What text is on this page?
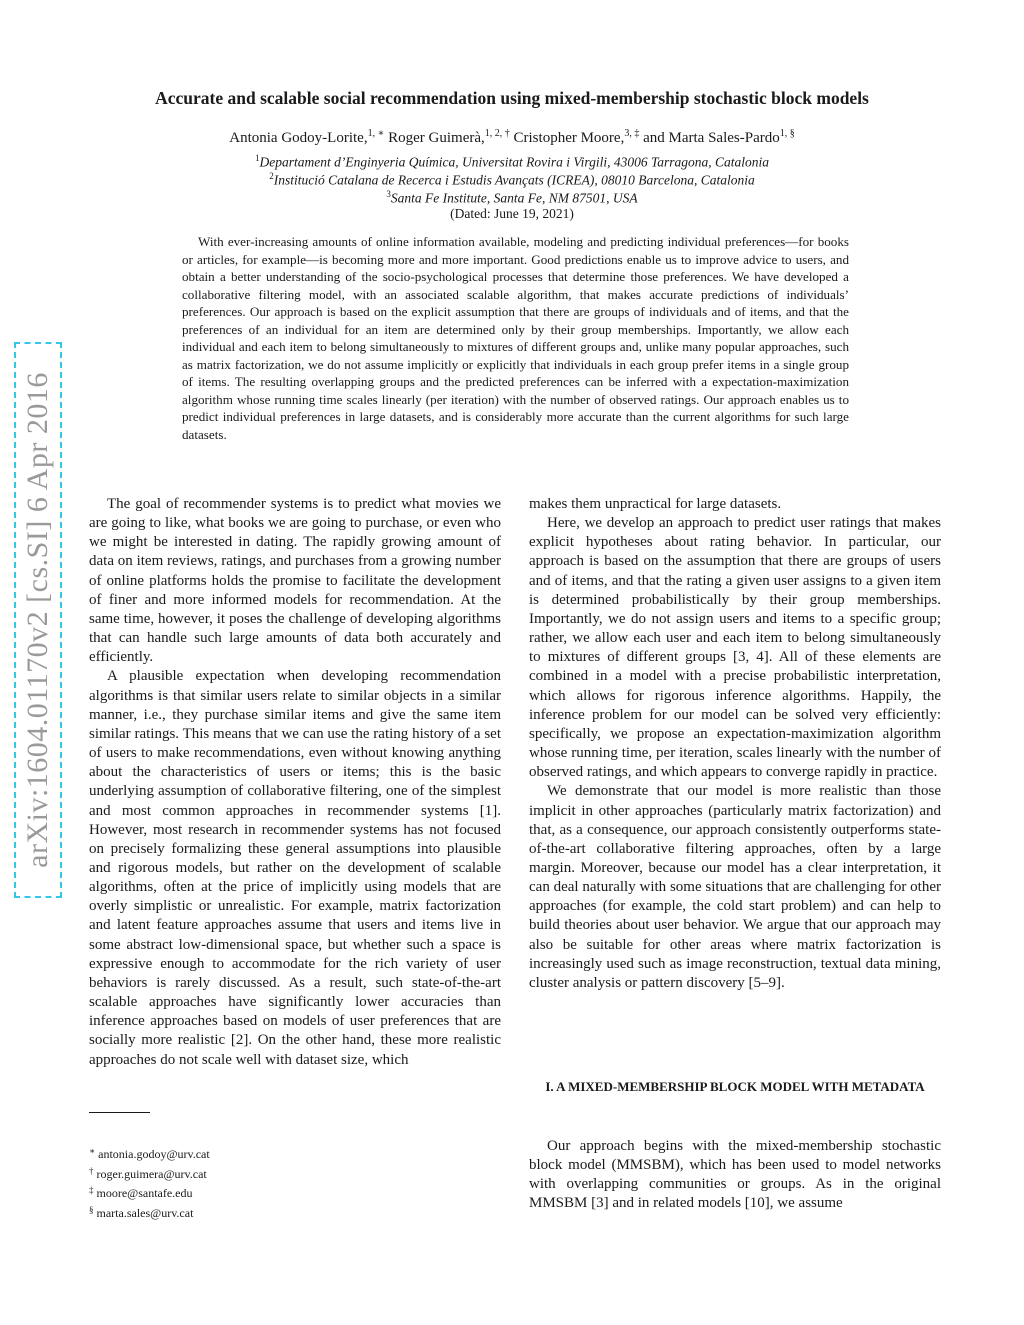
arXiv:1604.01170v2 [cs.SI] 6 Apr 2016
Accurate and scalable social recommendation using mixed-membership stochastic block models
Antonia Godoy-Lorite,$^{1, ∗}$ Roger Guimerà,$^{1, 2, \dagger}$ Cristopher Moore,$^{3, \ddagger}$ and Marta Sales-Pardo$^{1, \S}$
$^1$Departament d’Enginyeria Química, Universitat Rovira i Virgili, 43006 Tarragona, Catalonia
$^2$Institució Catalana de Recerca i Estudis Avançats (ICREA), 08010 Barcelona, Catalonia
$^3$Santa Fe Institute, Santa Fe, NM 87501, USA
(Dated: June 19, 2021)

With ever-increasing amounts of online information available, modeling and predicting individual preferences—for books or articles, for example—is becoming more and more important. Good predictions enable us to improve advice to users, and obtain a better understanding of the socio-psychological processes that determine those preferences. We have developed a collaborative filtering model, with an associated scalable algorithm, that makes accurate predictions of individuals’ preferences. Our approach is based on the explicit assumption that there are groups of individuals and of items, and that the preferences of an individual for an item are determined only by their group memberships. Importantly, we allow each individual and each item to belong simultaneously to mixtures of different groups and, unlike many popular approaches, such as matrix factorization, we do not assume implicitly or explicitly that individuals in each group prefer items in a single group of items. The resulting overlapping groups and the predicted preferences can be inferred with a expectation-maximization algorithm whose running time scales linearly (per iteration) with the number of observed ratings. Our approach enables us to predict individual preferences in large datasets, and is considerably more accurate than the current algorithms for such large datasets.

The goal of recommender systems is to predict what movies we are going to like, what books we are going to purchase, or even who we might be interested in dating. The rapidly growing amount of data on item reviews, ratings, and purchases from a growing number of online platforms holds the promise to facilitate the development of finer and more informed models for recommendation. At the same time, however, it poses the challenge of developing algorithms that can handle such large amounts of data both accurately and efficiently.

A plausible expectation when developing recommendation algorithms is that similar users relate to similar objects in a similar manner, i.e., they purchase similar items and give the same item similar ratings. This means that we can use the rating history of a set of users to make recommendations, even without knowing anything about the characteristics of users or items; this is the basic underlying assumption of collaborative filtering, one of the simplest and most common approaches in recommender systems [1]. However, most research in recommender systems has not focused on precisely formalizing these general assumptions into plausible and rigorous models, but rather on the development of scalable algorithms, often at the price of implicitly using models that are overly simplistic or unrealistic. For example, matrix factorization and latent feature approaches assume that users and items live in some abstract low-dimensional space, but whether such a space is expressive enough to accommodate for the rich variety of user behaviors is rarely discussed. As a result, such state-of-the-art scalable approaches have significantly lower accuracies than inference approaches based on models of user preferences that are socially more realistic [2]. On the other hand, these more realistic approaches do not scale well with dataset size, which

makes them unpractical for large datasets.

Here, we develop an approach to predict user ratings that makes explicit hypotheses about rating behavior. In particular, our approach is based on the assumption that there are groups of users and of items, and that the rating a given user assigns to a given item is determined probabilistically by their group memberships. Importantly, we do not assign users and items to a specific group; rather, we allow each user and each item to belong simultaneously to mixtures of different groups [3, 4]. All of these elements are combined in a model with a precise probabilistic interpretation, which allows for rigorous inference algorithms. Happily, the inference problem for our model can be solved very efficiently: specifically, we propose an expectation-maximization algorithm whose running time, per iteration, scales linearly with the number of observed ratings, and which appears to converge rapidly in practice.

We demonstrate that our model is more realistic than those implicit in other approaches (particularly matrix factorization) and that, as a consequence, our approach consistently outperforms state-of-the-art collaborative filtering approaches, often by a large margin. Moreover, because our model has a clear interpretation, it can deal naturally with some situations that are challenging for other approaches (for example, the cold start problem) and can help to build theories about user behavior. We argue that our approach may also be suitable for other areas where matrix factorization is increasingly used such as image reconstruction, textual data mining, cluster analysis or pattern discovery [5–9].

I. A MIXED-MEMBERSHIP BLOCK MODEL WITH METADATA

Our approach begins with the mixed-membership stochastic block model (MMSBM), which has been used to model networks with overlapping communities or groups. As in the original MMSBM [3] and in related models [10], we assume

∗ antonia.godoy@urv.cat
† roger.guimera@urv.cat
‡ moore@santafe.edu
§ marta.sales@urv.cat
